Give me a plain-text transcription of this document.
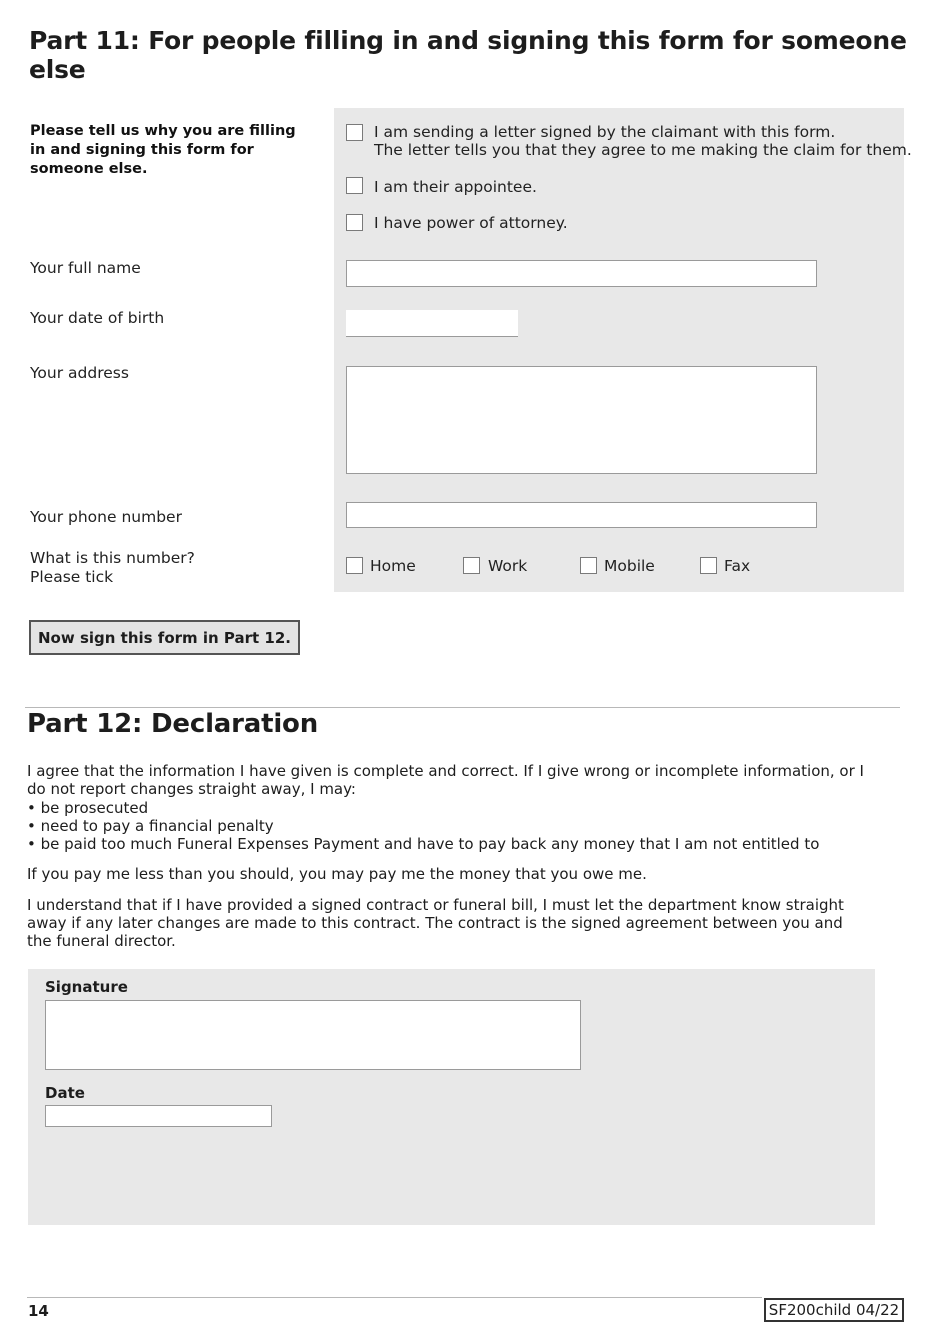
Part 11: For people filling in and signing this form for someone else
Please tell us why you are filling in and signing this form for someone else.
I am sending a letter signed by the claimant with this form.
The letter tells you that they agree to me making the claim for them.
I am their appointee.
I have power of attorney.
Your full name
Your date of birth
Your address
Your phone number
What is this number?
Please tick
Home	Work	Mobile	Fax
Now sign this form in Part 12.
Part 12: Declaration

I agree that the information I have given is complete and correct. If I give wrong or incomplete information, or I do not report changes straight away, I may:

• be prosecuted

• need to pay a financial penalty

• be paid too much Funeral Expenses Payment and have to pay back any money that I am not entitled to

If you pay me less than you should, you may pay me the money that you owe me.

I understand that if I have provided a signed contract or funeral bill, I must let the department know straight away if any later changes are made to this contract. The contract is the signed agreement between you and the funeral director.

Signature
Date
14	SF200child 04/22
